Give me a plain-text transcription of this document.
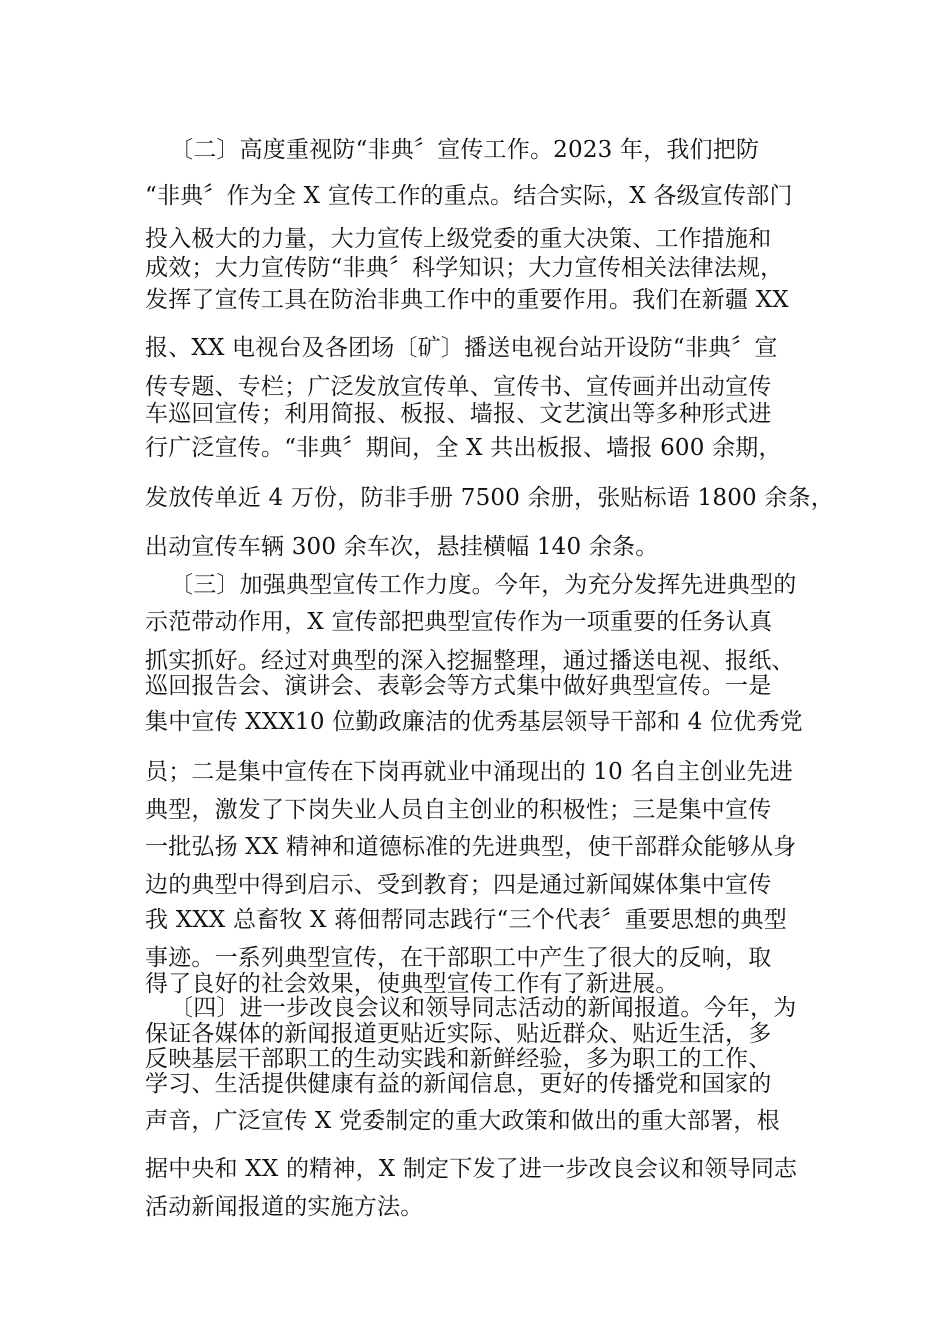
〔二〕高度重视防“非典〞宣传工作。2023 年，我们把防
“非典〞作为全 X 宣传工作的重点。结合实际，X 各级宣传部门
投入极大的力量，大力宣传上级党委的重大决策、工作措施和
成效；大力宣传防“非典〞科学知识；大力宣传相关法律法规，
发挥了宣传工具在防治非典工作中的重要作用。我们在新疆 XX
报、XX 电视台及各团场〔矿〕播送电视台站开设防“非典〞宣
传专题、专栏；广泛发放宣传单、宣传书、宣传画并出动宣传
车巡回宣传；利用简报、板报、墙报、文艺演出等多种形式进
行广泛宣传。“非典〞期间，全 X 共出板报、墙报 600 余期，
发放传单近 4 万份，防非手册 7500 余册，张贴标语 1800 余条，
出动宣传车辆 300 余车次，悬挂横幅 140 余条。
〔三〕加强典型宣传工作力度。今年，为充分发挥先进典型的
示范带动作用，X 宣传部把典型宣传作为一项重要的任务认真
抓实抓好。经过对典型的深入挖掘整理，通过播送电视、报纸、
巡回报告会、演讲会、表彰会等方式集中做好典型宣传。一是
集中宣传 XXX10 位勤政廉洁的优秀基层领导干部和 4 位优秀党
员；二是集中宣传在下岗再就业中涌现出的 10 名自主创业先进
典型，激发了下岗失业人员自主创业的积极性；三是集中宣传
一批弘扬 XX 精神和道德标准的先进典型，使干部群众能够从身
边的典型中得到启示、受到教育；四是通过新闻媒体集中宣传
我 XXX 总畜牧 X 蒋佃帮同志践行“三个代表〞重要思想的典型
事迹。一系列典型宣传，在干部职工中产生了很大的反响，取
得了良好的社会效果，使典型宣传工作有了新进展。
〔四〕进一步改良会议和领导同志活动的新闻报道。今年，为
保证各媒体的新闻报道更贴近实际、贴近群众、贴近生活，多
反映基层干部职工的生动实践和新鲜经验，多为职工的工作、
学习、生活提供健康有益的新闻信息，更好的传播党和国家的
声音，广泛宣传 X 党委制定的重大政策和做出的重大部署，根
据中央和 XX 的精神，X 制定下发了进一步改良会议和领导同志
活动新闻报道的实施方法。
